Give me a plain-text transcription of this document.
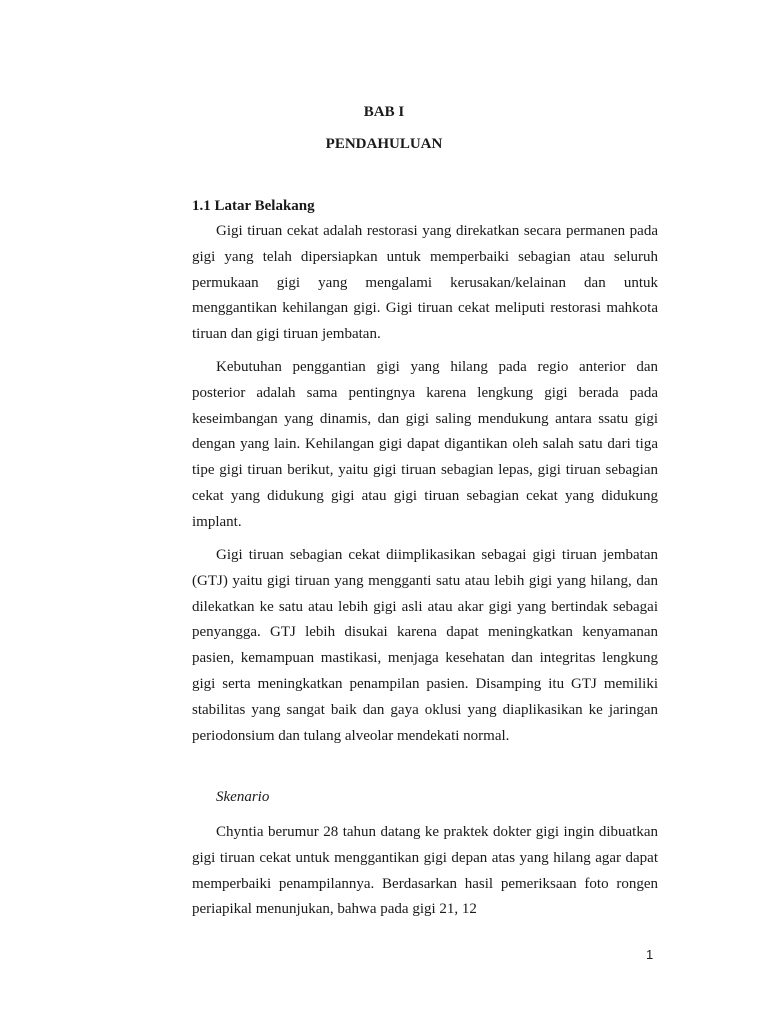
BAB I

PENDAHULUAN

1.1 Latar Belakang

Gigi tiruan cekat adalah restorasi yang direkatkan secara permanen pada gigi yang telah dipersiapkan untuk memperbaiki sebagian atau seluruh permukaan gigi yang mengalami kerusakan/kelainan dan untuk menggantikan kehilangan gigi. Gigi tiruan cekat meliputi restorasi mahkota tiruan dan gigi tiruan jembatan.

Kebutuhan penggantian gigi yang hilang pada regio anterior dan posterior adalah sama pentingnya karena lengkung gigi berada pada keseimbangan yang dinamis, dan gigi saling mendukung antara ssatu gigi dengan yang lain. Kehilangan gigi dapat digantikan oleh salah satu dari tiga tipe gigi tiruan berikut, yaitu gigi tiruan sebagian lepas, gigi tiruan sebagian cekat yang didukung gigi atau gigi tiruan sebagian cekat yang didukung implant.

Gigi tiruan sebagian cekat diimplikasikan sebagai gigi tiruan jembatan (GTJ) yaitu gigi tiruan yang mengganti satu atau lebih gigi yang hilang, dan dilekatkan ke satu atau lebih gigi asli atau akar gigi yang bertindak sebagai penyangga. GTJ lebih disukai karena dapat meningkatkan kenyamanan pasien, kemampuan mastikasi, menjaga kesehatan dan integritas lengkung gigi serta meningkatkan penampilan pasien. Disamping itu GTJ memiliki stabilitas yang sangat baik dan gaya oklusi yang diaplikasikan ke jaringan periodonsium dan tulang alveolar mendekati normal.

Skenario

Chyntia berumur 28 tahun datang ke praktek dokter gigi ingin dibuatkan gigi tiruan cekat untuk menggantikan gigi depan atas yang hilang agar dapat memperbaiki penampilannya. Berdasarkan hasil pemeriksaan foto rongen periapikal menunjukan, bahwa pada gigi 21, 12

1
